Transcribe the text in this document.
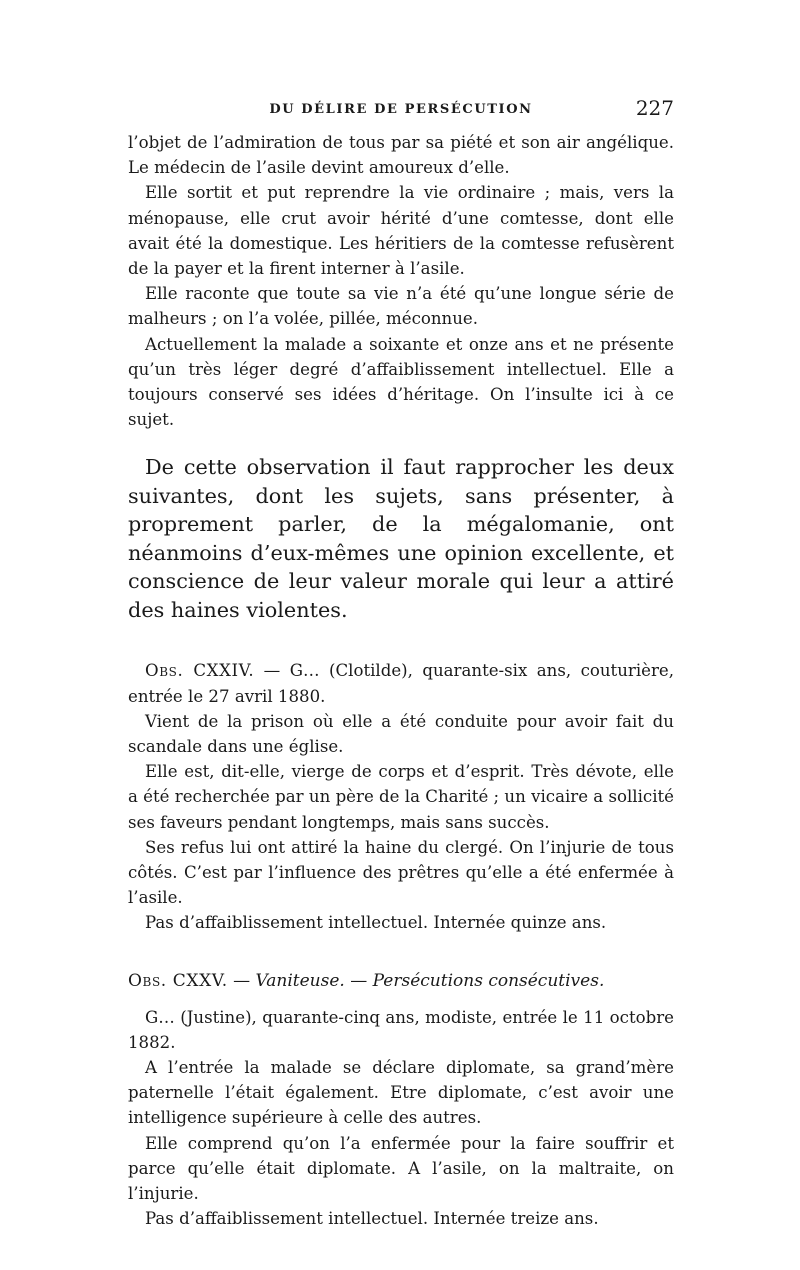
DU DÉLIRE DE PERSÉCUTION	227

l’objet de l’admiration de tous par sa piété et son air angélique. Le médecin de l’asile devint amoureux d’elle.

Elle sortit et put reprendre la vie ordinaire ; mais, vers la ménopause, elle crut avoir hérité d’une comtesse, dont elle avait été la domestique. Les héritiers de la comtesse refusèrent de la payer et la firent interner à l’asile.

Elle raconte que toute sa vie n’a été qu’une longue série de malheurs ; on l’a volée, pillée, méconnue.

Actuellement la malade a soixante et onze ans et ne présente qu’un très léger degré d’affaiblissement intellectuel. Elle a toujours conservé ses idées d’héritage. On l’insulte ici à ce sujet.

De cette observation il faut rapprocher les deux suivantes, dont les sujets, sans présenter, à proprement parler, de la mégalomanie, ont néanmoins d’eux-mêmes une opinion excellente, et conscience de leur valeur morale qui leur a attiré des haines violentes.

Obs. CXXIV. — G… (Clotilde), quarante-six ans, couturière, entrée le 27 avril 1880.

Vient de la prison où elle a été conduite pour avoir fait du scandale dans une église.

Elle est, dit-elle, vierge de corps et d’esprit. Très dévote, elle a été recherchée par un père de la Charité ; un vicaire a sollicité ses faveurs pendant longtemps, mais sans succès.

Ses refus lui ont attiré la haine du clergé. On l’injurie de tous côtés. C’est par l’influence des prêtres qu’elle a été enfermée à l’asile.

Pas d’affaiblissement intellectuel. Internée quinze ans.

Obs. CXXV. — Vaniteuse. — Persécutions consécutives.

G… (Justine), quarante-cinq ans, modiste, entrée le 11 octobre 1882.

A l’entrée la malade se déclare diplomate, sa grand’mère paternelle l’était également. Etre diplomate, c’est avoir une intelligence supérieure à celle des autres.

Elle comprend qu’on l’a enfermée pour la faire souffrir et parce qu’elle était diplomate. A l’asile, on la maltraite, on l’injurie.

Pas d’affaiblissement intellectuel. Internée treize ans.
